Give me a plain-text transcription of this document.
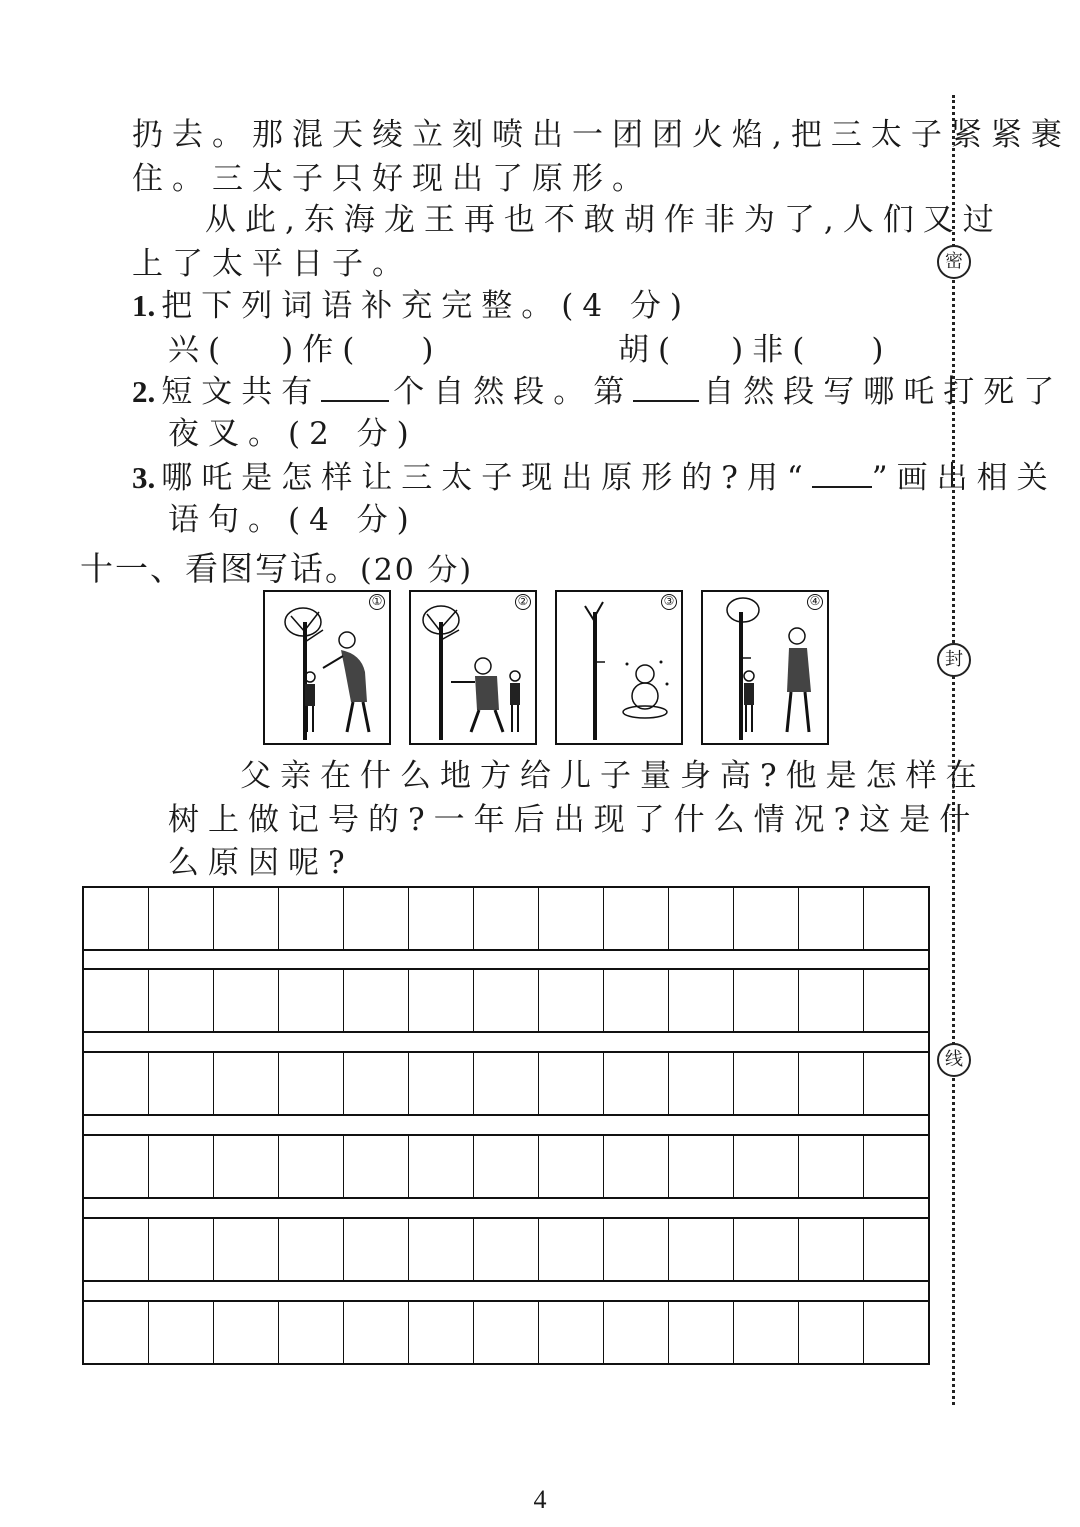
扔去。那混天绫立刻喷出一团团火焰,把三太子紧紧裹
住。三太子只好现出了原形。
从此,东海龙王再也不敢胡作非为了,人们又过
上了太平日子。
1. 把下列词语补充完整。(4 分)
兴( )作( )	胡( )非( )
2. 短文共有 个自然段。第 自然段写哪吒打死了
夜叉。(2 分)
3. 哪吒是怎样让三太子现出原形的?用“ ”画出相关
语句。(4 分)
十一、看图写话。(20 分)
①	②	③	④
父亲在什么地方给儿子量身高?他是怎样在
树上做记号的?一年后出现了什么情况?这是什
么原因呢?
密
封
线
4
